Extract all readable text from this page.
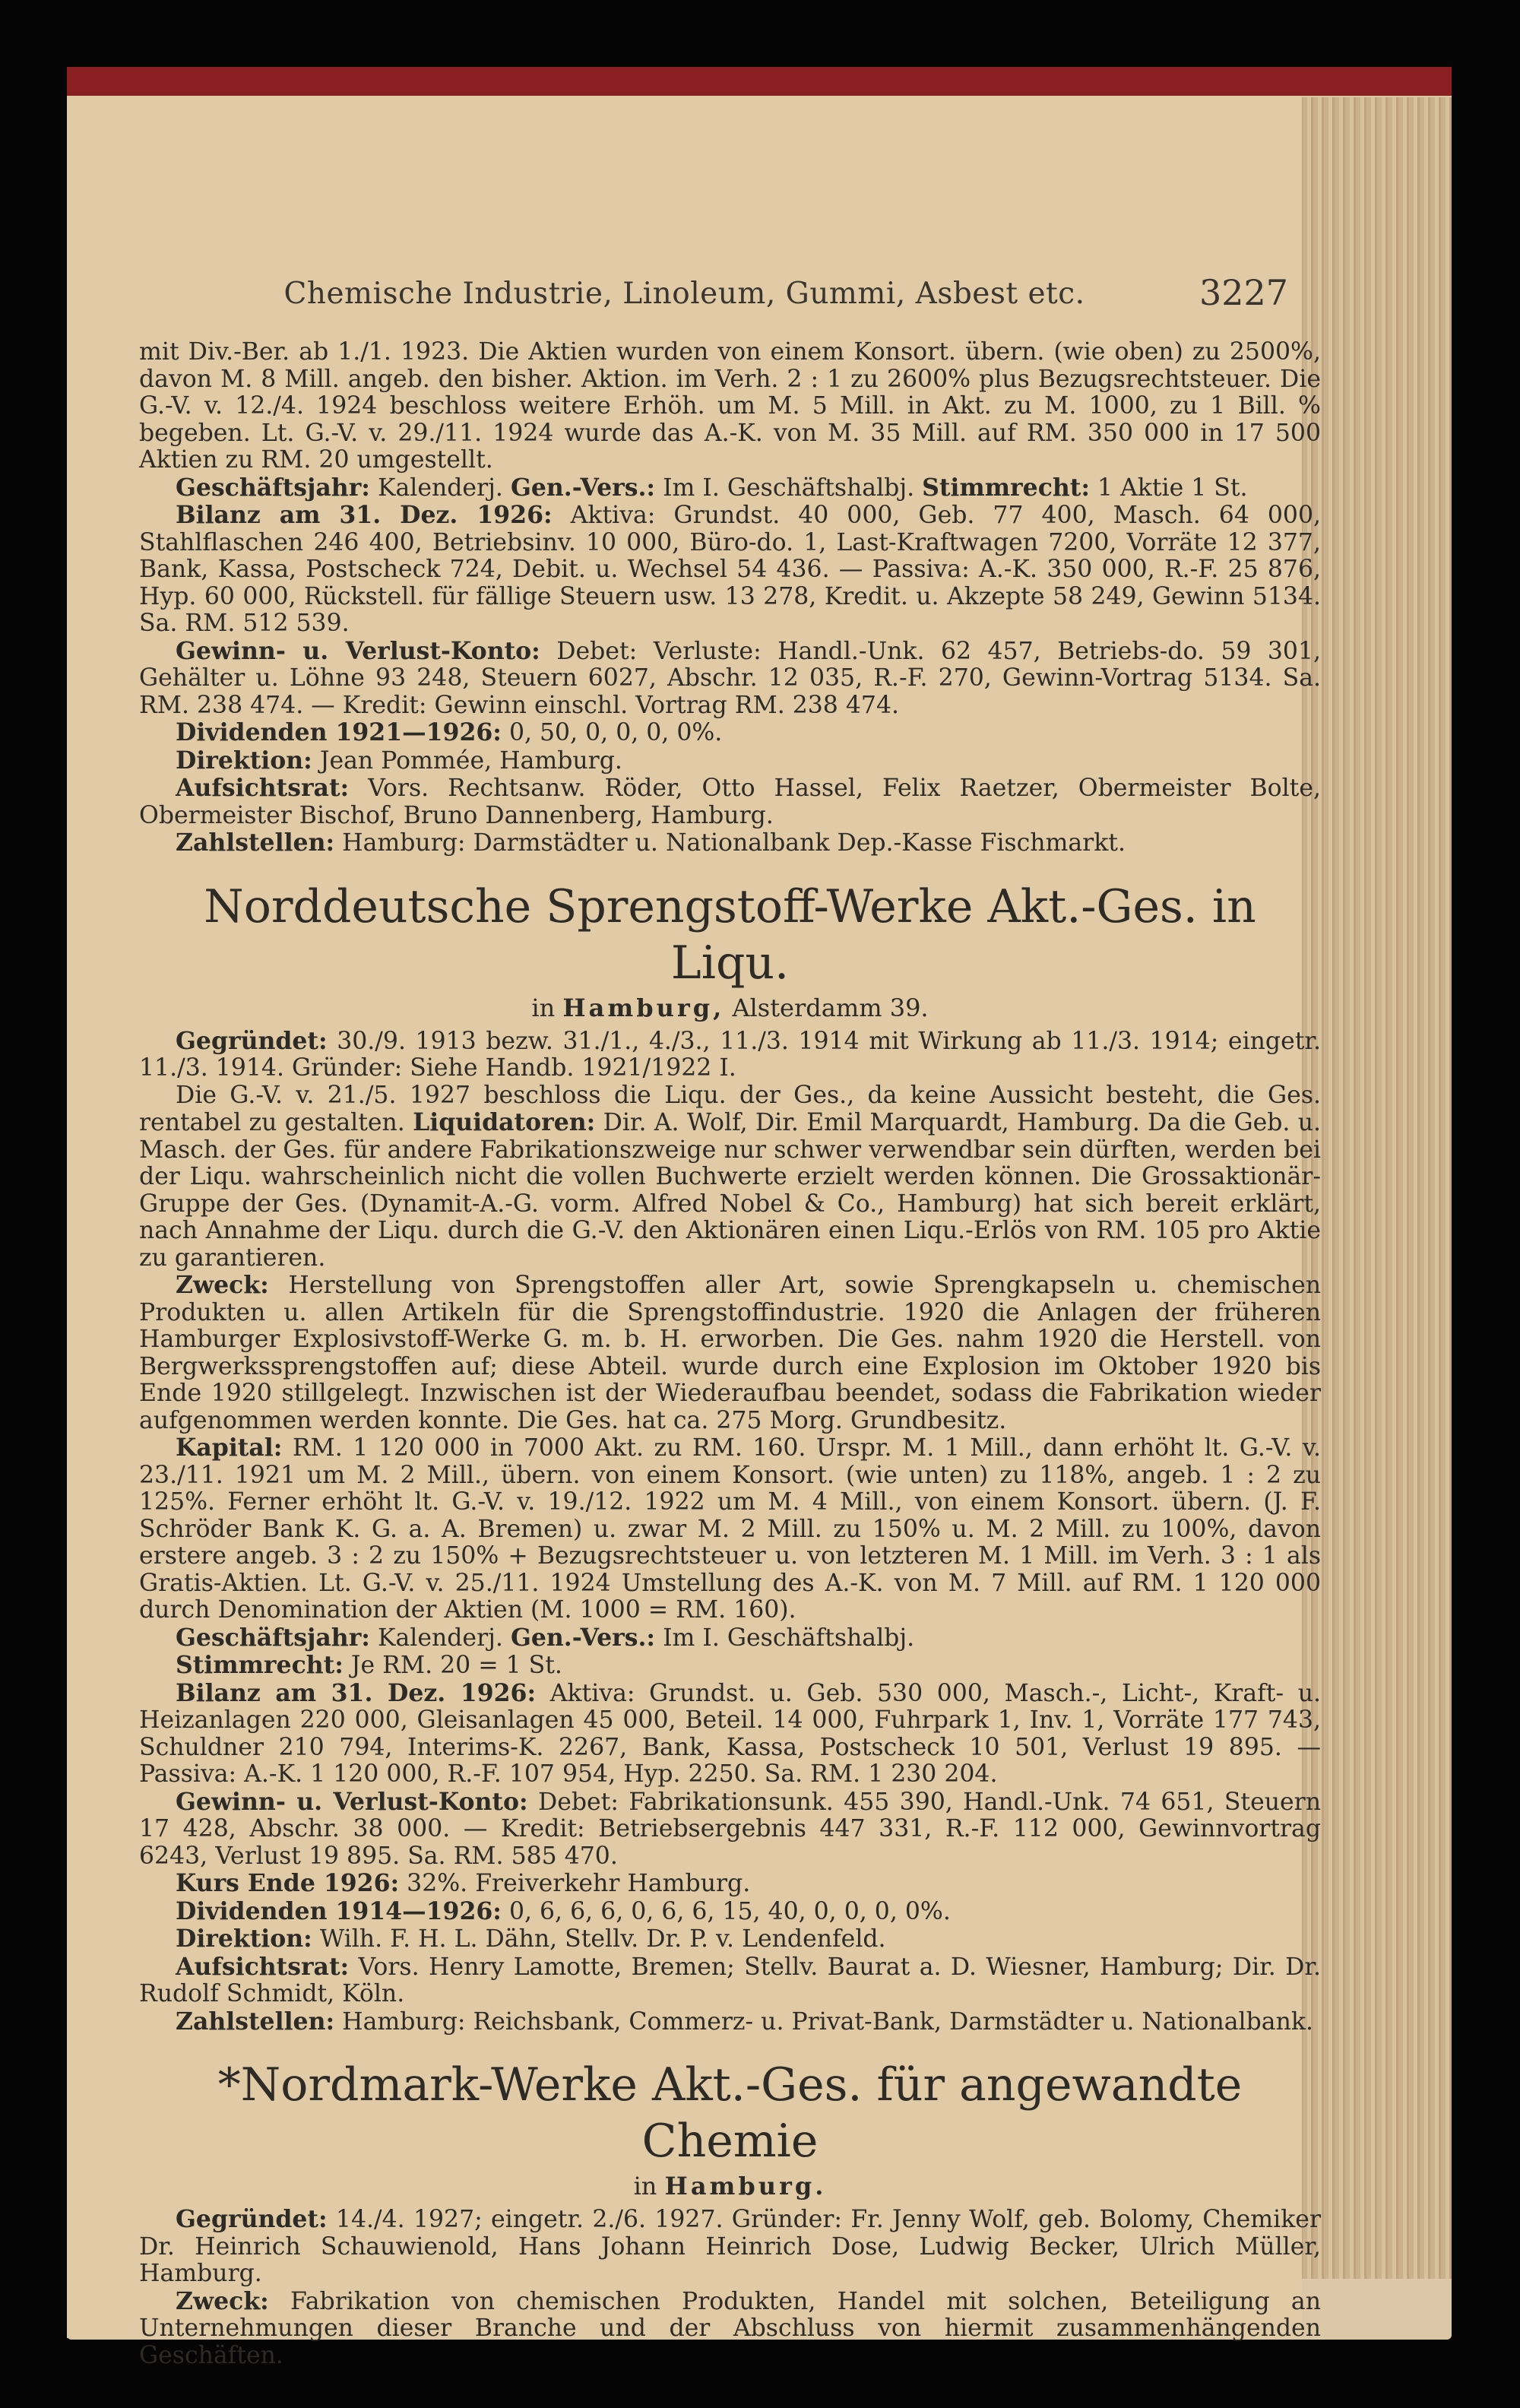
Chemische Industrie, Linoleum, Gummi, Asbest etc.	3227

mit Div.-Ber. ab 1./1. 1923. Die Aktien wurden von einem Konsort. übern. (wie oben) zu 2500%, davon M. 8 Mill. angeb. den bisher. Aktion. im Verh. 2 : 1 zu 2600% plus Bezugsrechtsteuer. Die G.-V. v. 12./4. 1924 beschloss weitere Erhöh. um M. 5 Mill. in Akt. zu M. 1000, zu 1 Bill. % begeben. Lt. G.-V. v. 29./11. 1924 wurde das A.-K. von M. 35 Mill. auf RM. 350 000 in 17 500 Aktien zu RM. 20 umgestellt.

Geschäftsjahr: Kalenderj. Gen.-Vers.: Im I. Geschäftshalbj. Stimmrecht: 1 Aktie 1 St.

Bilanz am 31. Dez. 1926: Aktiva: Grundst. 40 000, Geb. 77 400, Masch. 64 000, Stahlflaschen 246 400, Betriebsinv. 10 000, Büro-do. 1, Last-Kraftwagen 7200, Vorräte 12 377, Bank, Kassa, Postscheck 724, Debit. u. Wechsel 54 436. — Passiva: A.-K. 350 000, R.-F. 25 876, Hyp. 60 000, Rückstell. für fällige Steuern usw. 13 278, Kredit. u. Akzepte 58 249, Gewinn 5134. Sa. RM. 512 539.

Gewinn- u. Verlust-Konto: Debet: Verluste: Handl.-Unk. 62 457, Betriebs-do. 59 301, Gehälter u. Löhne 93 248, Steuern 6027, Abschr. 12 035, R.-F. 270, Gewinn-Vortrag 5134. Sa. RM. 238 474. — Kredit: Gewinn einschl. Vortrag RM. 238 474.

Dividenden 1921—1926: 0, 50, 0, 0, 0, 0%.

Direktion: Jean Pommée, Hamburg.

Aufsichtsrat: Vors. Rechtsanw. Röder, Otto Hassel, Felix Raetzer, Obermeister Bolte, Obermeister Bischof, Bruno Dannenberg, Hamburg.

Zahlstellen: Hamburg: Darmstädter u. Nationalbank Dep.-Kasse Fischmarkt.

Norddeutsche Sprengstoff-Werke Akt.-Ges. in Liqu.
in Hamburg, Alsterdamm 39.

Gegründet: 30./9. 1913 bezw. 31./1., 4./3., 11./3. 1914 mit Wirkung ab 11./3. 1914; eingetr. 11./3. 1914. Gründer: Siehe Handb. 1921/1922 I.

Die G.-V. v. 21./5. 1927 beschloss die Liqu. der Ges., da keine Aussicht besteht, die Ges. rentabel zu gestalten. Liquidatoren: Dir. A. Wolf, Dir. Emil Marquardt, Hamburg. Da die Geb. u. Masch. der Ges. für andere Fabrikationszweige nur schwer verwendbar sein dürften, werden bei der Liqu. wahrscheinlich nicht die vollen Buchwerte erzielt werden können. Die Grossaktionär-Gruppe der Ges. (Dynamit-A.-G. vorm. Alfred Nobel & Co., Hamburg) hat sich bereit erklärt, nach Annahme der Liqu. durch die G.-V. den Aktionären einen Liqu.-Erlös von RM. 105 pro Aktie zu garantieren.

Zweck: Herstellung von Sprengstoffen aller Art, sowie Sprengkapseln u. chemischen Produkten u. allen Artikeln für die Sprengstoffindustrie. 1920 die Anlagen der früheren Hamburger Explosivstoff-Werke G. m. b. H. erworben. Die Ges. nahm 1920 die Herstell. von Bergwerkssprengstoffen auf; diese Abteil. wurde durch eine Explosion im Oktober 1920 bis Ende 1920 stillgelegt. Inzwischen ist der Wiederaufbau beendet, sodass die Fabrikation wieder aufgenommen werden konnte. Die Ges. hat ca. 275 Morg. Grundbesitz.

Kapital: RM. 1 120 000 in 7000 Akt. zu RM. 160. Urspr. M. 1 Mill., dann erhöht lt. G.-V. v. 23./11. 1921 um M. 2 Mill., übern. von einem Konsort. (wie unten) zu 118%, angeb. 1 : 2 zu 125%. Ferner erhöht lt. G.-V. v. 19./12. 1922 um M. 4 Mill., von einem Konsort. übern. (J. F. Schröder Bank K. G. a. A. Bremen) u. zwar M. 2 Mill. zu 150% u. M. 2 Mill. zu 100%, davon erstere angeb. 3 : 2 zu 150% + Bezugsrechtsteuer u. von letzteren M. 1 Mill. im Verh. 3 : 1 als Gratis-Aktien. Lt. G.-V. v. 25./11. 1924 Umstellung des A.-K. von M. 7 Mill. auf RM. 1 120 000 durch Denomination der Aktien (M. 1000 = RM. 160).

Geschäftsjahr: Kalenderj. Gen.-Vers.: Im I. Geschäftshalbj.

Stimmrecht: Je RM. 20 = 1 St.

Bilanz am 31. Dez. 1926: Aktiva: Grundst. u. Geb. 530 000, Masch.-, Licht-, Kraft- u. Heizanlagen 220 000, Gleisanlagen 45 000, Beteil. 14 000, Fuhrpark 1, Inv. 1, Vorräte 177 743, Schuldner 210 794, Interims-K. 2267, Bank, Kassa, Postscheck 10 501, Verlust 19 895. — Passiva: A.-K. 1 120 000, R.-F. 107 954, Hyp. 2250. Sa. RM. 1 230 204.

Gewinn- u. Verlust-Konto: Debet: Fabrikationsunk. 455 390, Handl.-Unk. 74 651, Steuern 17 428, Abschr. 38 000. — Kredit: Betriebsergebnis 447 331, R.-F. 112 000, Gewinnvortrag 6243, Verlust 19 895. Sa. RM. 585 470.

Kurs Ende 1926: 32%. Freiverkehr Hamburg.

Dividenden 1914—1926: 0, 6, 6, 6, 0, 6, 6, 15, 40, 0, 0, 0, 0%.

Direktion: Wilh. F. H. L. Dähn, Stellv. Dr. P. v. Lendenfeld.

Aufsichtsrat: Vors. Henry Lamotte, Bremen; Stellv. Baurat a. D. Wiesner, Hamburg; Dir. Dr. Rudolf Schmidt, Köln.

Zahlstellen: Hamburg: Reichsbank, Commerz- u. Privat-Bank, Darmstädter u. Nationalbank.

*Nordmark-Werke Akt.-Ges. für angewandte Chemie
in Hamburg.

Gegründet: 14./4. 1927; eingetr. 2./6. 1927. Gründer: Fr. Jenny Wolf, geb. Bolomy, Chemiker Dr. Heinrich Schauwienold, Hans Johann Heinrich Dose, Ludwig Becker, Ulrich Müller, Hamburg.

Zweck: Fabrikation von chemischen Produkten, Handel mit solchen, Beteiligung an Unternehmungen dieser Branche und der Abschluss von hiermit zusammenhängenden Geschäften.
